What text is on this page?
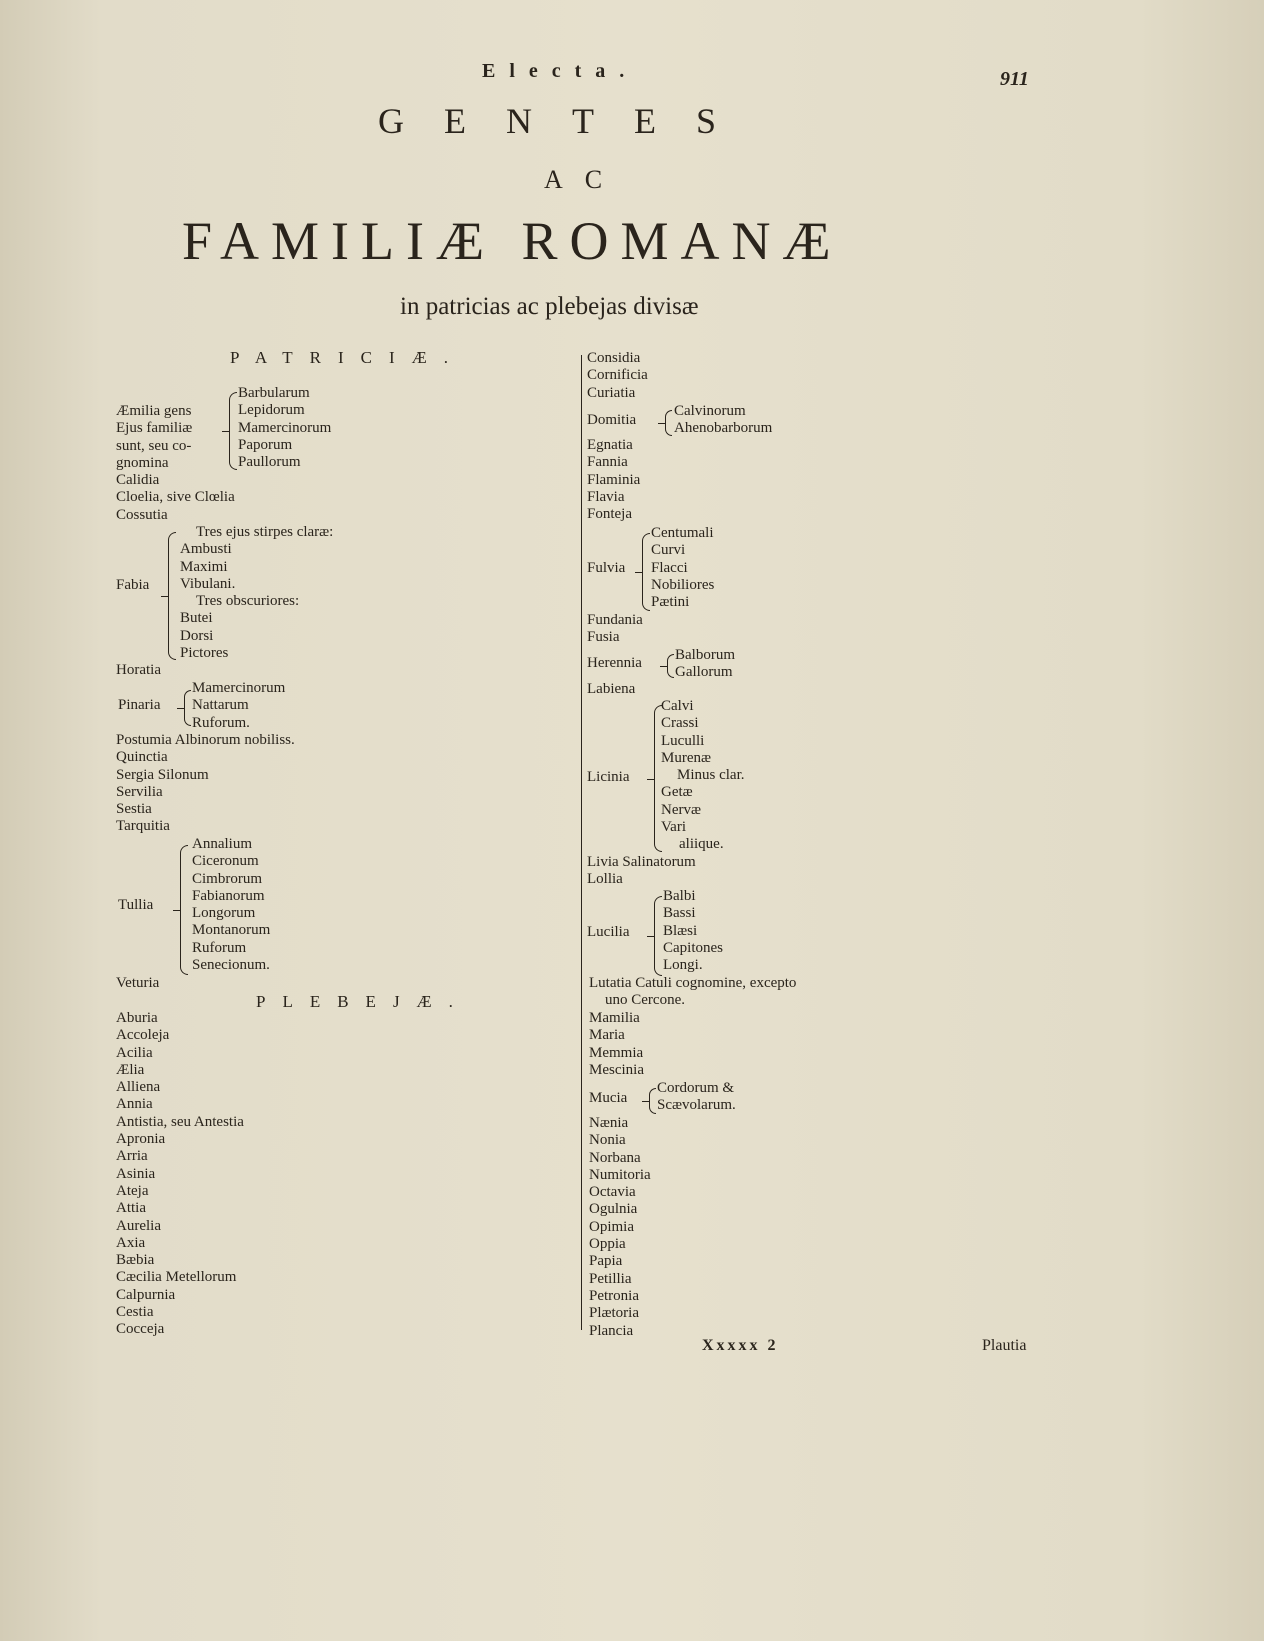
Electa.	911
GENTES
AC
FAMILIÆ ROMANÆ
in patricias ac plebejas divisæ
PATRICIÆ.
Æmilia gens
Ejus familiæ
sunt, seu co-
gnomina
Barbularum
Lepidorum
Mamercinorum
Paporum
Paullorum
Calidia
Cloelia, sive Clœlia
Cossutia
Fabia
Tres ejus stirpes claræ:
Ambusti
Maximi
Vibulani.
Tres obscuriores:
Butei
Dorsi
Pictores
Horatia
Pinaria
Mamercinorum
Nattarum
Ruforum.
Postumia Albinorum nobiliss.
Quinctia
Sergia Silonum
Servilia
Sestia
Tarquitia
Tullia
Annalium
Ciceronum
Cimbrorum
Fabianorum
Longorum
Montanorum
Ruforum
Senecionum.
Veturia
PLEBEJÆ.
Aburia
Accoleja
Acilia
Ælia
Alliena
Annia
Antistia, seu Antestia
Apronia
Arria
Asinia
Ateja
Attia
Aurelia
Axia
Bæbia
Cæcilia Metellorum
Calpurnia
Cestia
Cocceja
Considia
Cornificia
Curiatia
Domitia
Calvinorum
Ahenobarborum
Egnatia
Fannia
Flaminia
Flavia
Fonteja
Fulvia
Centumali
Curvi
Flacci
Nobiliores
Pætini
Fundania
Fusia
Herennia Balborum
Gallorum
Labiena
Licinia
Calvi
Crassi
Luculli
Murenæ
Minus clar.
Getæ
Nervæ
Vari
aliique.
Livia Salinatorum
Lollia
Lucilia
Balbi
Bassi
Blæsi
Capitones
Longi.
Lutatia Catuli cognomine, excepto
uno Cercone.
Mamilia
Maria
Memmia
Mescinia
Mucia
Cordorum &
Scævolarum.
Nænia
Nonia
Norbana
Numitoria
Octavia
Ogulnia
Opimia
Oppia
Papia
Petillia
Petronia
Plætoria
Plancia
Xxxxx 2	Plautia
